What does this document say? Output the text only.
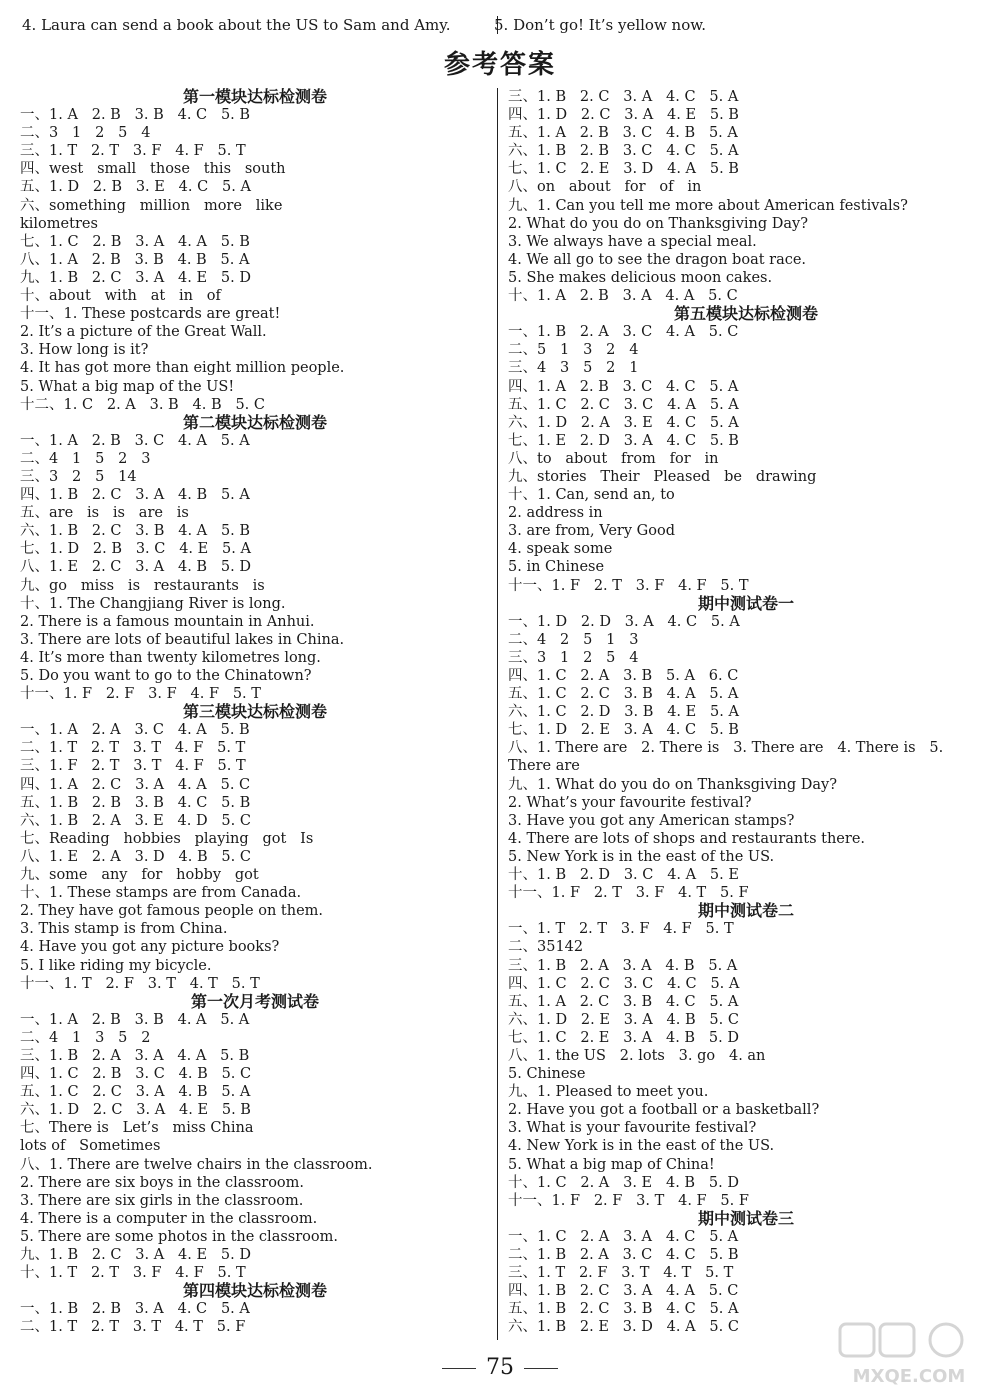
4. Laura can send a book about the US to Sam and Amy.	5. Don’t go! It’s yellow now.
参考答案
第一模块达标检测卷
一、1. A   2. B   3. B   4. C   5. B
二、3   1   2   5   4
三、1. T   2. T   3. F   4. F   5. T
四、west   small   those   this   south
五、1. D   2. B   3. E   4. C   5. A
六、something   million   more   like
kilometres
七、1. C   2. B   3. A   4. A   5. B
八、1. A   2. B   3. B   4. B   5. A
九、1. B   2. C   3. A   4. E   5. D
十、about   with   at   in   of
十一、1. These postcards are great!
2. It’s a picture of the Great Wall.
3. How long is it?
4. It has got more than eight million people.
5. What a big map of the US!
十二、1. C   2. A   3. B   4. B   5. C
第二模块达标检测卷
一、1. A   2. B   3. C   4. A   5. A
二、4   1   5   2   3
三、3   2   5   14
四、1. B   2. C   3. A   4. B   5. A
五、are   is   is   are   is
六、1. B   2. C   3. B   4. A   5. B
七、1. D   2. B   3. C   4. E   5. A
八、1. E   2. C   3. A   4. B   5. D
九、go   miss   is   restaurants   is
十、1. The Changjiang River is long.
2. There is a famous mountain in Anhui.
3. There are lots of beautiful lakes in China.
4. It’s more than twenty kilometres long.
5. Do you want to go to the Chinatown?
十一、1. F   2. F   3. F   4. F   5. T
第三模块达标检测卷
一、1. A   2. A   3. C   4. A   5. B
二、1. T   2. T   3. T   4. F   5. T
三、1. F   2. T   3. T   4. F   5. T
四、1. A   2. C   3. A   4. A   5. C
五、1. B   2. B   3. B   4. C   5. B
六、1. B   2. A   3. E   4. D   5. C
七、Reading   hobbies   playing   got   Is
八、1. E   2. A   3. D   4. B   5. C
九、some   any   for   hobby   got
十、1. These stamps are from Canada.
2. They have got famous people on them.
3. This stamp is from China.
4. Have you got any picture books?
5. I like riding my bicycle.
十一、1. T   2. F   3. T   4. T   5. T
第一次月考测试卷
一、1. A   2. B   3. B   4. A   5. A
二、4   1   3   5   2
三、1. B   2. A   3. A   4. A   5. B
四、1. C   2. B   3. C   4. B   5. C
五、1. C   2. C   3. A   4. B   5. A
六、1. D   2. C   3. A   4. E   5. B
七、There is   Let’s   miss China
lots of   Sometimes
八、1. There are twelve chairs in the classroom.
2. There are six boys in the classroom.
3. There are six girls in the classroom.
4. There is a computer in the classroom.
5. There are some photos in the classroom.
九、1. B   2. C   3. A   4. E   5. D
十、1. T   2. T   3. F   4. F   5. T
第四模块达标检测卷
一、1. B   2. B   3. A   4. C   5. A
二、1. T   2. T   3. T   4. T   5. F
三、1. B   2. C   3. A   4. C   5. A
四、1. D   2. C   3. A   4. E   5. B
五、1. A   2. B   3. C   4. B   5. A
六、1. B   2. B   3. C   4. C   5. A
七、1. C   2. E   3. D   4. A   5. B
八、on   about   for   of   in
九、1. Can you tell me more about American festivals?
2. What do you do on Thanksgiving Day?
3. We always have a special meal.
4. We all go to see the dragon boat race.
5. She makes delicious moon cakes.
十、1. A   2. B   3. A   4. A   5. C
第五模块达标检测卷
一、1. B   2. A   3. C   4. A   5. C
二、5   1   3   2   4
三、4   3   5   2   1
四、1. A   2. B   3. C   4. C   5. A
五、1. C   2. C   3. C   4. A   5. A
六、1. D   2. A   3. E   4. C   5. A
七、1. E   2. D   3. A   4. C   5. B
八、to   about   from   for   in
九、stories   Their   Pleased   be   drawing
十、1. Can, send an, to
2. address in
3. are from, Very Good
4. speak some
5. in Chinese
十一、1. F   2. T   3. F   4. F   5. T
期中测试卷一
一、1. D   2. D   3. A   4. C   5. A
二、4   2   5   1   3
三、3   1   2   5   4
四、1. C   2. A   3. B   5. A   6. C
五、1. C   2. C   3. B   4. A   5. A
六、1. C   2. D   3. B   4. E   5. A
七、1. D   2. E   3. A   4. C   5. B
八、1. There are   2. There is   3. There are   4. There is   5.
There are
九、1. What do you do on Thanksgiving Day?
2. What’s your favourite festival?
3. Have you got any American stamps?
4. There are lots of shops and restaurants there.
5. New York is in the east of the US.
十、1. B   2. D   3. C   4. A   5. E
十一、1. F   2. T   3. F   4. T   5. F
期中测试卷二
一、1. T   2. T   3. F   4. F   5. T
二、35142
三、1. B   2. A   3. A   4. B   5. A
四、1. C   2. C   3. C   4. C   5. A
五、1. A   2. C   3. B   4. C   5. A
六、1. D   2. E   3. A   4. B   5. C
七、1. C   2. E   3. A   4. B   5. D
八、1. the US   2. lots   3. go   4. an
5. Chinese
九、1. Pleased to meet you.
2. Have you got a football or a basketball?
3. What is your favourite festival?
4. New York is in the east of the US.
5. What a big map of China!
十、1. C   2. A   3. E   4. B   5. D
十一、1. F   2. F   3. T   4. F   5. F
期中测试卷三
一、1. C   2. A   3. A   4. C   5. A
二、1. B   2. A   3. C   4. C   5. B
三、1. T   2. F   3. T   4. T   5. T
四、1. B   2. C   3. A   4. A   5. C
五、1. B   2. C   3. B   4. C   5. A
六、1. B   2. E   3. D   4. A   5. C
75	MXQE.COM
